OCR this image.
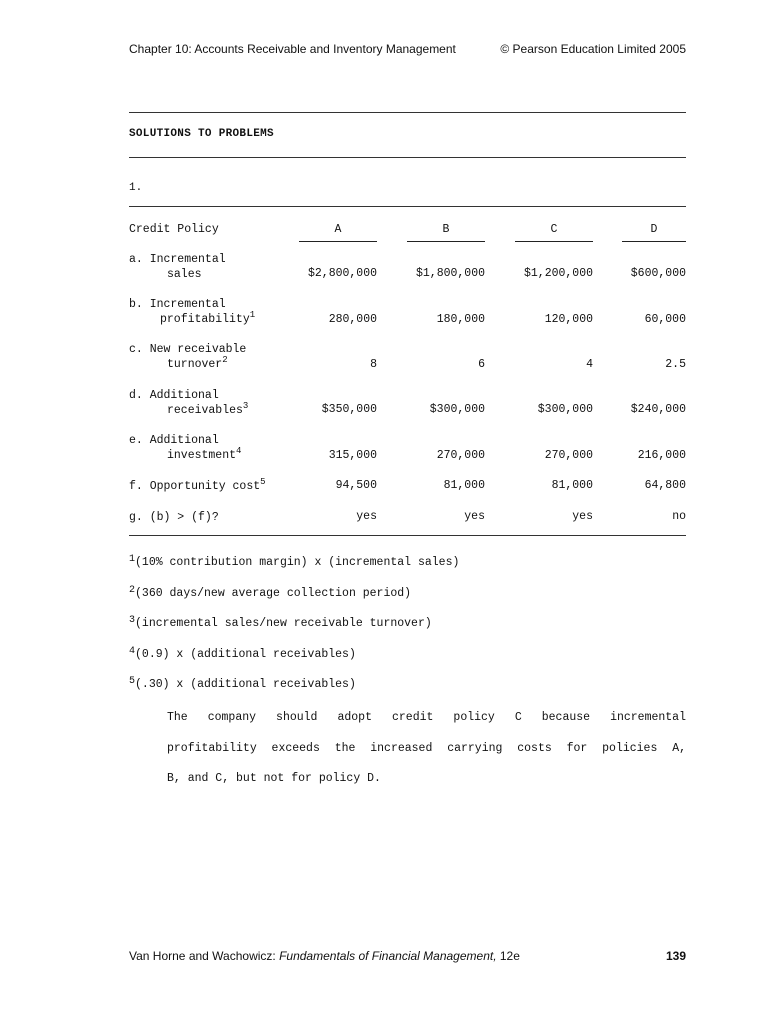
Chapter 10: Accounts Receivable and Inventory Management	© Pearson Education Limited 2005
SOLUTIONS TO PROBLEMS
1.
Credit Policy	A	B	C	D
a. Incremental
sales	$2,800,000	$1,800,000	$1,200,000	$600,000
b. Incremental
profitability$^1$	280,000	180,000	120,000	60,000
c. New receivable
turnover$^2$	8	6	4	2.5
d. Additional
receivables$^3$	$350,000	$300,000	$300,000	$240,000
e. Additional
investment$^4$	315,000	270,000	270,000	216,000
f. Opportunity cost$^5$	94,500	81,000	81,000	64,800
g. (b) > (f)?	yes	yes	yes	no
$^1$(10% contribution margin) x (incremental sales)
$^2$(360 days/new average collection period)
$^3$(incremental sales/new receivable turnover)
$^4$(0.9) x (additional receivables)
$^5$(.30) x (additional receivables)
The company should adopt credit policy C because incremental
profitability exceeds the increased carrying costs for policies A,
B, and C, but not for policy D.
Van Horne and Wachowicz: Fundamentals of Financial Management, 12e	139
